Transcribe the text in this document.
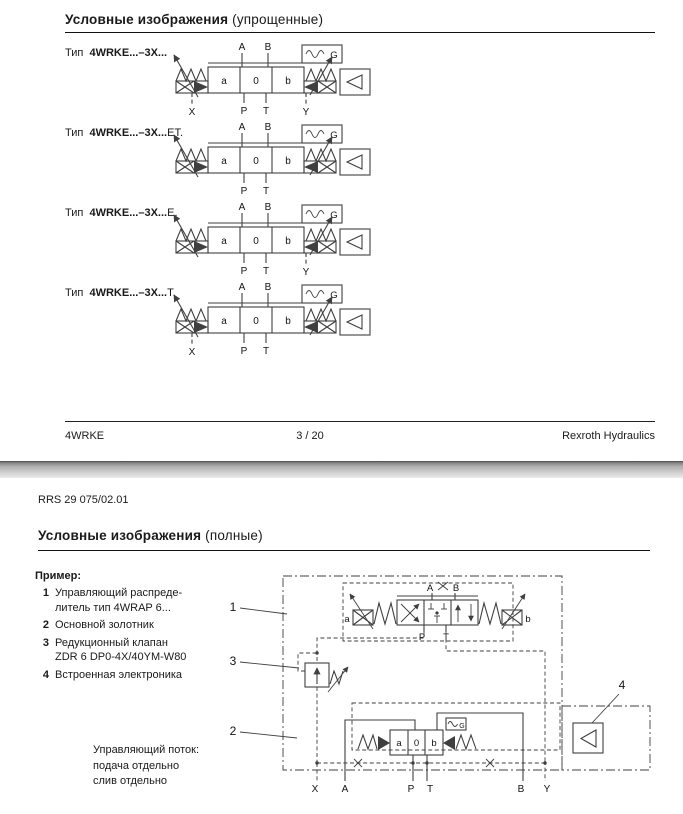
Условные изображения (упрощенные)
Тип 4WRKE...–3X...	A B
a	0	b
G
P T
X	Y
Тип 4WRKE...–3X...ET.	A B
a	0	b
G
P T
Тип 4WRKE...–3X...E.	A B
a	0	b
G
P T	Y
Тип 4WRKE...–3X...T.	A B
a	0	b
G
P T
X
4WRKE	3 / 20	Rexroth Hydraulics
RRS 29 075/02.01
Условные изображения (полные)
Пример:
1 Управляющий распреде-
литель тип 4WRAP 6...
2 Основной золотник
3 Редукционный клапан
ZDR 6 DP0-4X/40YM-W80
4 Встроенная электроника
Управляющий поток:
подача отдельно
слив отдельно
1
3
2
4
A B
P T
a	b
a 0 b
G
X A	P T	B Y
